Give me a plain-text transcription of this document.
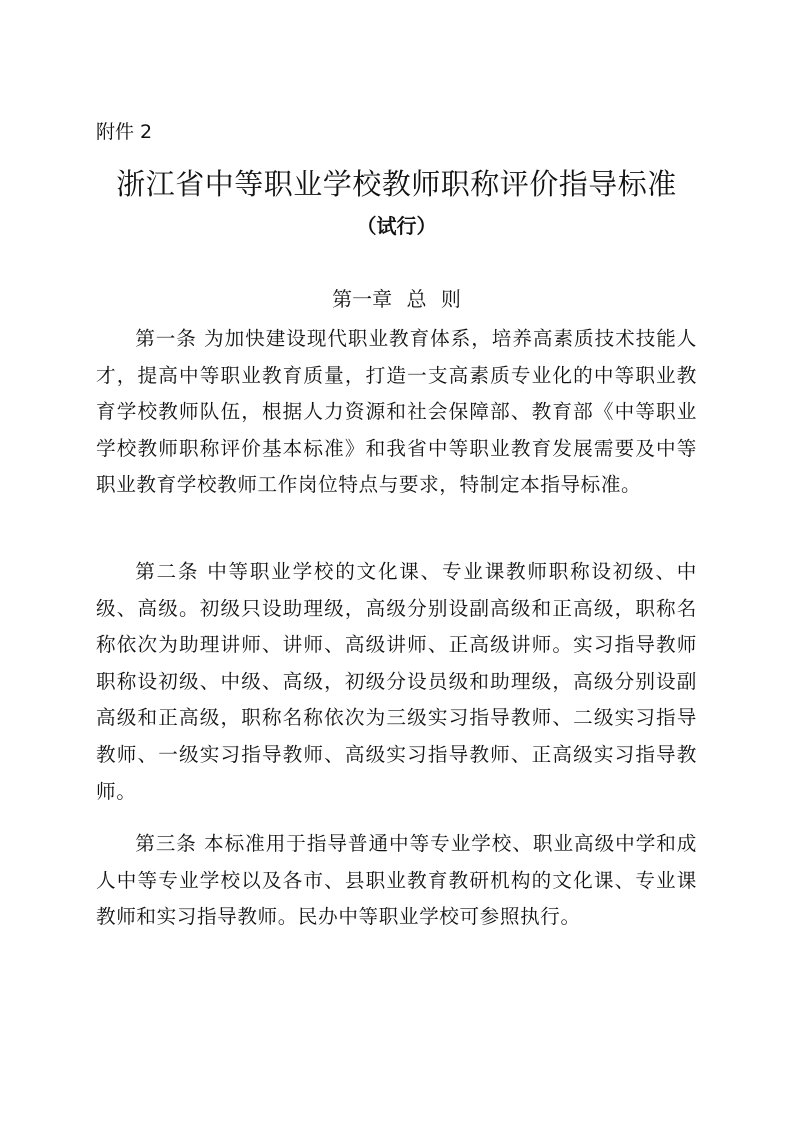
附件 2
浙江省中等职业学校教师职称评价指导标准
（试行）
第一章 总 则

第一条 为加快建设现代职业教育体系，培养高素质技术技能人才，提高中等职业教育质量，打造一支高素质专业化的中等职业教育学校教师队伍，根据人力资源和社会保障部、教育部《中等职业学校教师职称评价基本标准》和我省中等职业教育发展需要及中等职业教育学校教师工作岗位特点与要求，特制定本指导标准。

第二条 中等职业学校的文化课、专业课教师职称设初级、中级、高级。初级只设助理级，高级分别设副高级和正高级，职称名称依次为助理讲师、讲师、高级讲师、正高级讲师。实习指导教师职称设初级、中级、高级，初级分设员级和助理级，高级分别设副高级和正高级，职称名称依次为三级实习指导教师、二级实习指导教师、一级实习指导教师、高级实习指导教师、正高级实习指导教师。

第三条 本标准用于指导普通中等专业学校、职业高级中学和成人中等专业学校以及各市、县职业教育教研机构的文化课、专业课教师和实习指导教师。民办中等职业学校可参照执行。
